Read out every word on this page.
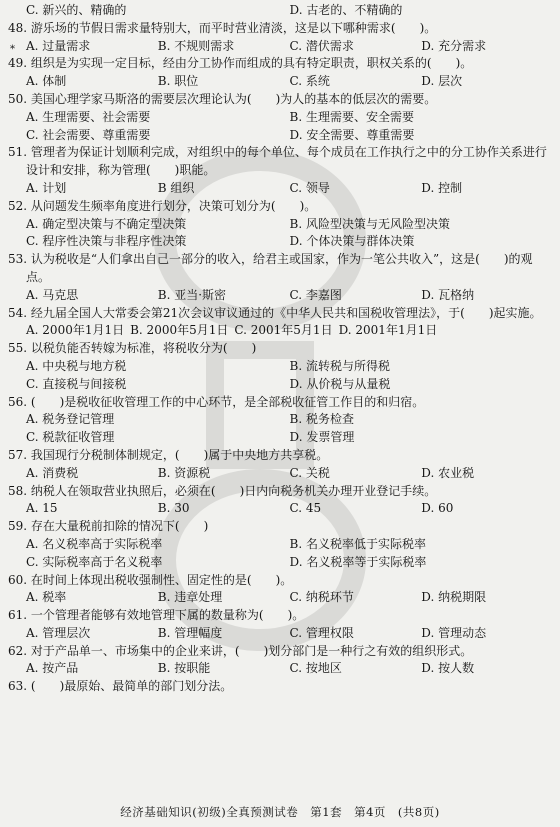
*
C. 新兴的、精确的	D. 古老的、不精确的
48. 游乐场的节假日需求量特别大，而平时营业清淡，这是以下哪种需求(　　)。
A. 过量需求	B. 不规则需求	C. 潜伏需求	D. 充分需求
49. 组织是为实现一定目标，经由分工协作而组成的具有特定职责，职权关系的(　　)。
A. 体制	B. 职位	C. 系统	D. 层次
50. 美国心理学家马斯洛的需要层次理论认为(　　)为人的基本的低层次的需要。
A. 生理需要、社会需要	B. 生理需要、安全需要
C. 社会需要、尊重需要	D. 安全需要、尊重需要
51. 管理者为保证计划顺利完成，对组织中的每个单位、每个成员在工作执行之中的分工协作关系进行设计和安排，称为管理(　　)职能。
A. 计划	B 组织	C. 领导	D. 控制
52. 从问题发生频率角度进行划分，决策可划分为(　　)。
A. 确定型决策与不确定型决策	B. 风险型决策与无风险型决策
C. 程序性决策与非程序性决策	D. 个体决策与群体决策
53. 认为税收是“人们拿出自己一部分的收入，给君主或国家，作为一笔公共收入”，这是(　　)的观点。
A. 马克思	B. 亚当·斯密	C. 李嘉图	D. 瓦格纳
54. 经九届全国人大常委会第21次会议审议通过的《中华人民共和国税收管理法》，于(　　)起实施。
A. 2000年1月1日 B. 2000年5月1日 C. 2001年5月1日 D. 2001年1月1日
55. 以税负能否转嫁为标准，将税收分为(　　)
A. 中央税与地方税	B. 流转税与所得税
C. 直接税与间接税	D. 从价税与从量税
56. (　　)是税收征收管理工作的中心环节，是全部税收征管工作目的和归宿。
A. 税务登记管理	B. 税务检查
C. 税款征收管理	D. 发票管理
57. 我国现行分税制体制规定，(　　)属于中央地方共享税。
A. 消费税	B. 资源税	C. 关税	D. 农业税
58. 纳税人在领取营业执照后，必须在(　　)日内向税务机关办理开业登记手续。
A. 15	B. 30	C. 45	D. 60
59. 存在大量税前扣除的情况下(　　)
A. 名义税率高于实际税率	B. 名义税率低于实际税率
C. 实际税率高于名义税率	D. 名义税率等于实际税率
60. 在时间上体现出税收强制性、固定性的是(　　)。
A. 税率	B. 违章处理	C. 纳税环节	D. 纳税期限
61. 一个管理者能够有效地管理下属的数量称为(　　)。
A. 管理层次	B. 管理幅度	C. 管理权限	D. 管理动态
62. 对于产品单一、市场集中的企业来讲，(　　)划分部门是一种行之有效的组织形式。
A. 按产品	B. 按职能	C. 按地区	D. 按人数
63. (　　)最原始、最简单的部门划分法。
经济基础知识(初级)全真预测试卷　第1套　第4页　(共8页)
